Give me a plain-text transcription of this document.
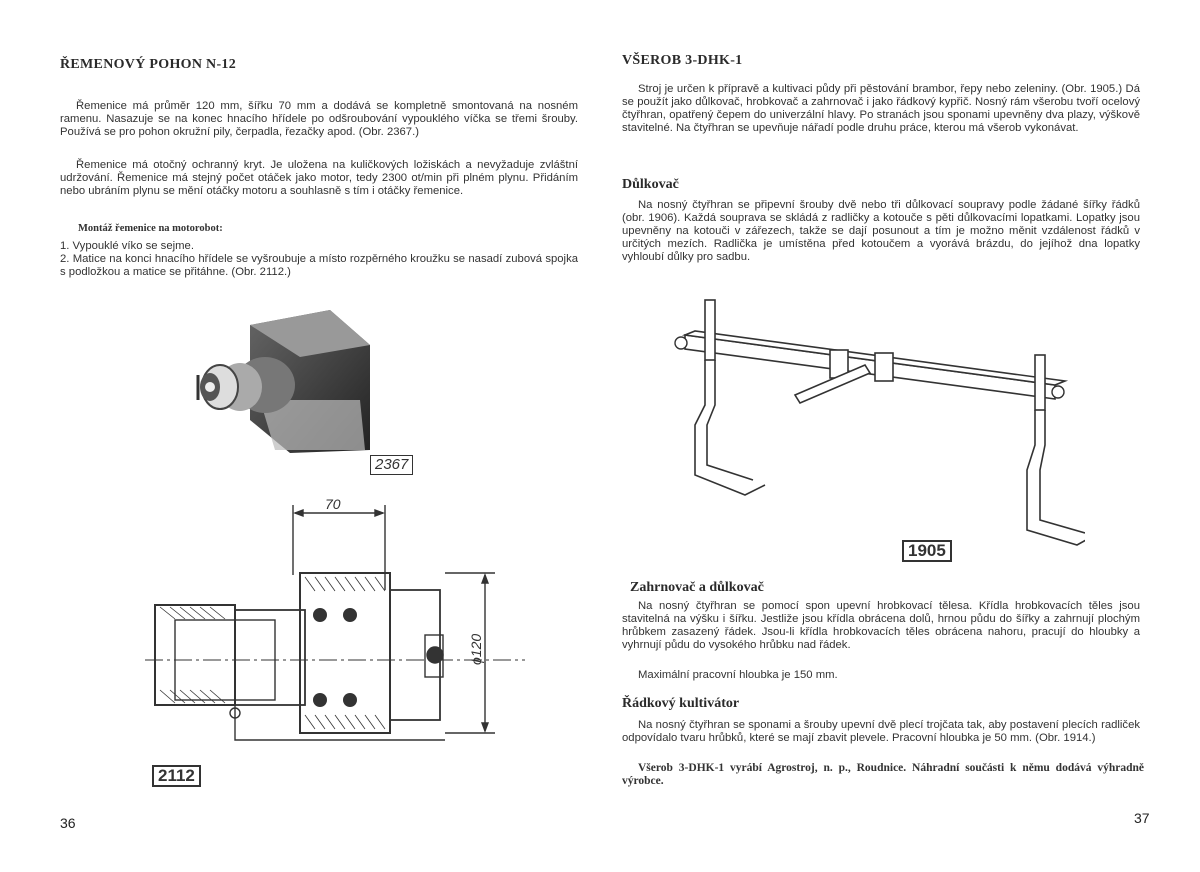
ŘEMENOVÝ POHON N-12

Řemenice má průměr 120 mm, šířku 70 mm a dodává se kompletně smontovaná na nosném ramenu. Nasazuje se na konec hnacího hřídele po odšroubování vypouklého víčka se třemi šrouby. Používá se pro pohon okružní pily, čerpadla, řezačky apod. (Obr. 2367.)

Řemenice má otočný ochranný kryt. Je uložena na kuličkových ložiskách a nevyžaduje zvláštní udržování. Řemenice má stejný počet otáček jako motor, tedy 2300 ot/min při plném plynu. Přidáním nebo ubráním plynu se mění otáčky motoru a souhlasně s tím i otáčky řemenice.

Montáž řemenice na motorobot:

1. Vypouklé víko se sejme.

2. Matice na konci hnacího hřídele se vyšroubuje a místo rozpěrného kroužku se nasadí zubová spojka s podložkou a matice se přitáhne. (Obr. 2112.)

2367
70
ϕ120
2112

36

VŠEROB 3-DHK-1

Stroj je určen k přípravě a kultivaci půdy při pěstování brambor, řepy nebo zeleniny. (Obr. 1905.) Dá se použít jako důlkovač, hrobkovač a zahrnovač i jako řádkový kypřič. Nosný rám všerobu tvoří ocelový čtyřhran, opatřený čepem do univerzální hlavy. Po stranách jsou sponami upevněny dva plazy, výškově stavitelné. Na čtyřhran se upevňuje nářadí podle druhu práce, kterou má všerob vykonávat.

Důlkovač

Na nosný čtyřhran se připevní šrouby dvě nebo tři důlkovací soupravy podle žádané šířky řádků (obr. 1906). Každá souprava se skládá z radličky a kotouče s pěti důlkovacími lopatkami. Lopatky jsou upevněny na kotouči v zářezech, takže se dají posunout a tím je možno měnit vzdálenost řádků v určitých mezích. Radlička je umístěna před kotoučem a vyorává brázdu, do jejíhož dna lopatky vyhloubí důlky pro sadbu.

1905
Zahrnovač a důlkovač

Na nosný čtyřhran se pomocí spon upevní hrobkovací tělesa. Křídla hrobkovacích těles jsou stavitelná na výšku i šířku. Jestliže jsou křídla obrácena dolů, hrnou půdu do šířky a zahrnují plochým hrůbkem zasazený řádek. Jsou-li křídla hrobkovacích těles obrácena nahoru, pracují do hloubky a vyhrnují půdu do vysokého hrůbku nad řádek.

Maximální pracovní hloubka je 150 mm.

Řádkový kultivátor

Na nosný čtyřhran se sponami a šrouby upevní dvě plecí trojčata tak, aby postavení plecích radliček odpovídalo tvaru hrůbků, které se mají zbavit plevele. Pracovní hloubka je 50 mm. (Obr. 1914.)

Všerob 3-DHK-1 vyrábí Agrostroj, n. p., Roudnice. Náhradní součásti k němu dodává výhradně výrobce.

37
